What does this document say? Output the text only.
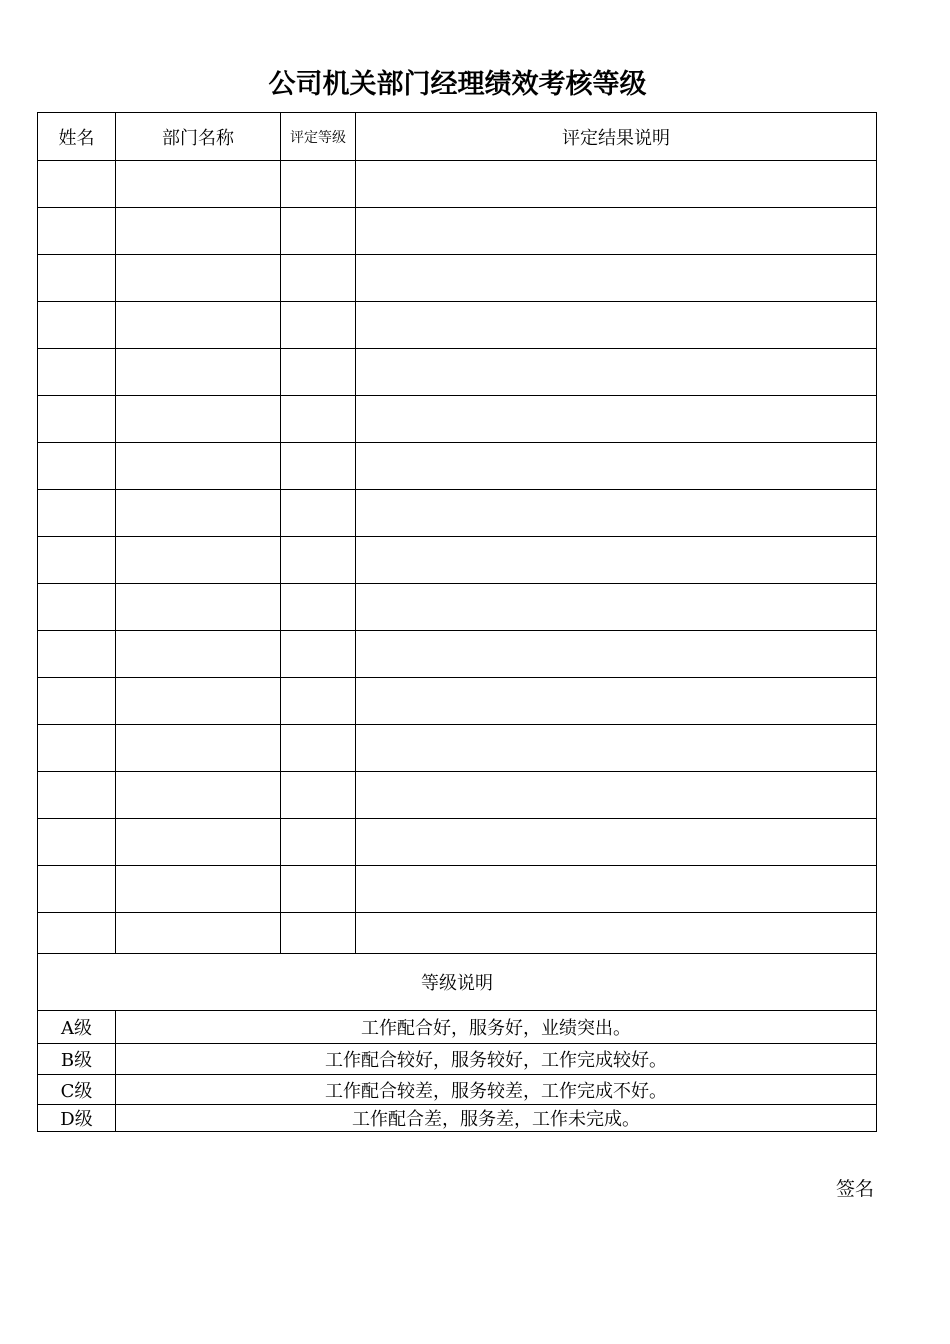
公司机关部门经理绩效考核等级
姓名	部门名称	评定等级	评定结果说明

等级说明			
A级	工作配合好，服务好，业绩突出。		
B级	工作配合较好，服务较好，工作完成较好。		
C级	工作配合较差，服务较差，工作完成不好。		
D级	工作配合差，服务差，工作未完成。		
签名
